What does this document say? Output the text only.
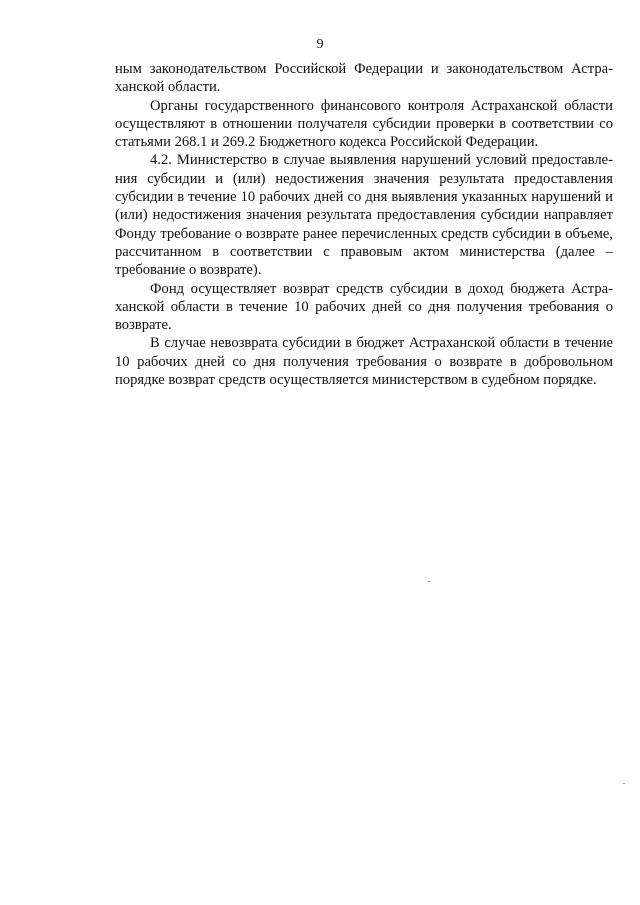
9

ным законодательством Российской Федерации и законодательством Астраханской области.

Органы государственного финансового контроля Астраханской области осуществляют в отношении получателя субсидии проверки в соответствии со статьями 268.1 и 269.2 Бюджетного кодекса Российской Федерации.

4.2. Министерство в случае выявления нарушений условий предоставления субсидии и (или) недостижения значения результата предоставления субсидии в течение 10 рабочих дней со дня выявления указанных нарушений и (или) недостижения значения результата предоставления субсидии направляет Фонду требование о возврате ранее перечисленных средств субсидии в объеме, рассчитанном в соответствии с правовым актом министерства (далее – требование о возврате).

Фонд осуществляет возврат средств субсидии в доход бюджета Астраханской области в течение 10 рабочих дней со дня получения требования о возврате.

В случае невозврата субсидии в бюджет Астраханской области в течение 10 рабочих дней со дня получения требования о возврате в добровольном порядке возврат средств осуществляется министерством в судебном порядке.
